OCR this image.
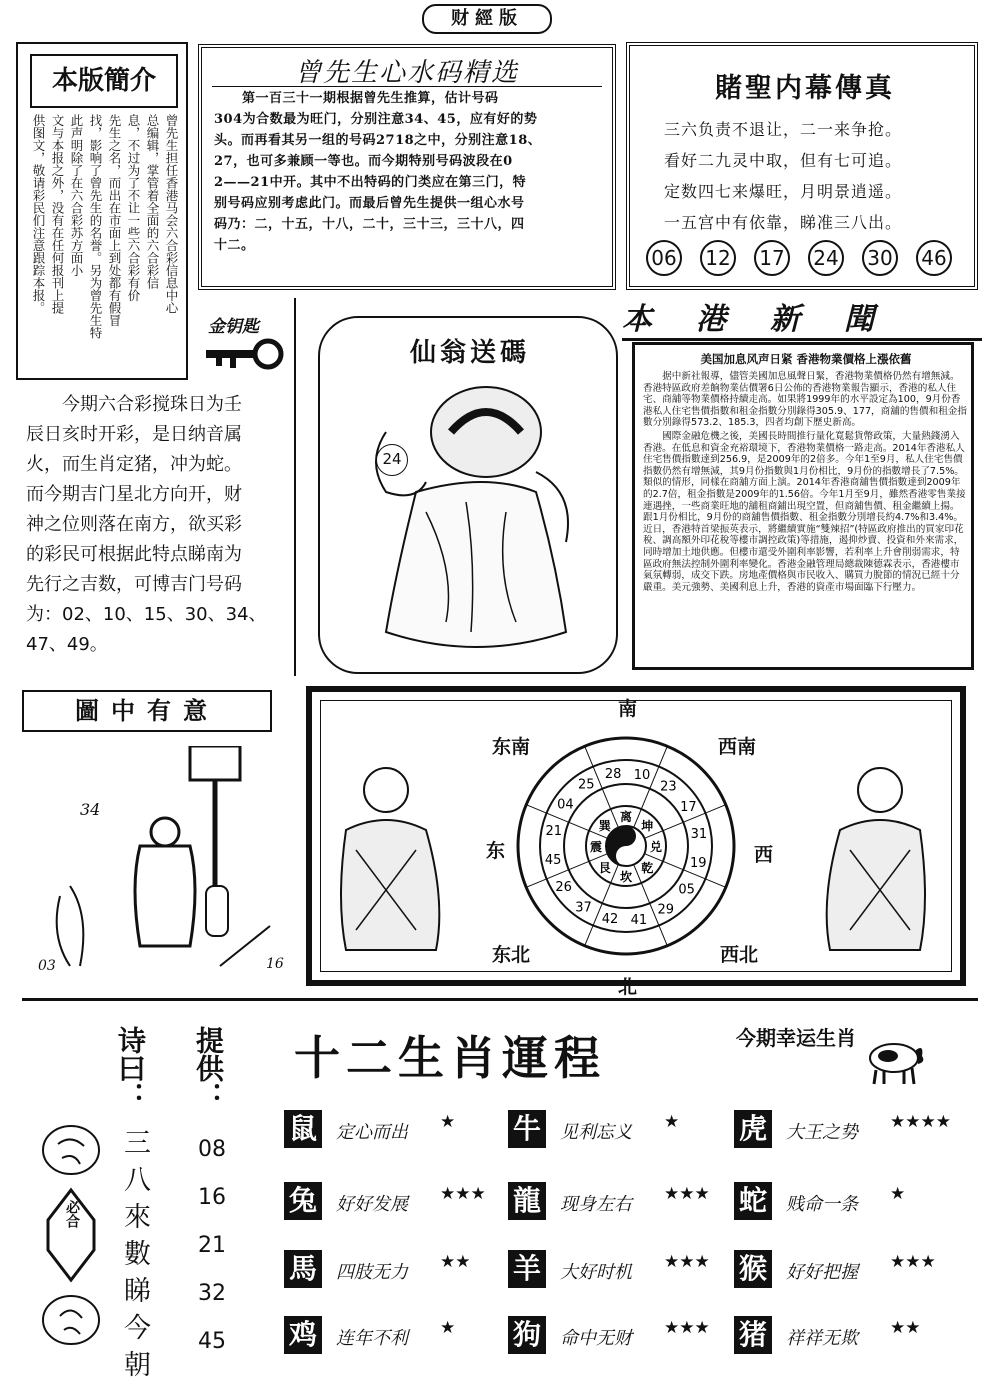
财經版
本版簡介
曾先生担任香港马会六合彩信息中心
总编辑，掌管着全面的六合彩信
息，不过为了不让一些六合彩有价
先生之名，而出在市面上到处都有假冒
找，影响了曾先生的名誉。另为曾先生特
此声明除了在六合彩苏方面小
文与本报之外，没有在任何报刊上提
供图文，敬请彩民们注意跟踪本报。
曾先生心水码精选
第一百三十一期根据曾先生推算，估计号码
304为合数最为旺门，分别注意34、45，应有好的势
头。而再看其另一组的号码2718之中，分别注意18、
27，也可多兼顾一等也。而今期特别号码波段在0
2——21中开。其中不出特码的门类应在第三门，特
别号码应别考虑此门。而最后曾先生提供一组心水号
码乃：二，十五，十八，二十，三十三，三十八，四
十二。
賭聖内幕傳真
三六负责不退让，二一来争抢。
看好二九灵中取，但有七可追。
定数四七来爆旺，月明景逍遥。
一五宫中有依靠，睇准三八出。
06 12 17 24 30 46
金钥匙
今期六合彩搅珠日为壬
辰日亥时开彩，是日纳音属
火，而生肖定猪，冲为蛇。
而今期吉门星北方向开，财
神之位则落在南方，欲买彩
的彩民可根据此特点睇南为
先行之吉数，可博吉门号码
为：02、10、15、30、34、
47、49。
仙翁送碼
24
本港新聞
美国加息风声日紧 香港物業價格上漲依舊

据中新社報導，儘管美國加息風聲日緊，香港物業價格仍然有增無減。香港特區政府差餉物業估價署6日公佈的香港物業報告顯示，香港的私人住宅、商舖等物業價格持續走高。如果將1999年的水平設定為100，9月份香港私人住宅售價指數和租金指數分別錄得305.9、177，商舖的售價和租金指數分別錄得573.2、185.3，四者均創下歷史新高。

國際金融危機之後，美國長時間推行量化寬鬆貨幣政策，大量熱錢湧入香港。在低息和資金充裕環境下，香港物業價格一路走高。2014年香港私人住宅售價指數達到256.9，是2009年的2倍多。今年1至9月，私人住宅售價指數仍然有增無減，其9月份指數與1月份相比，9月份的指數增長了7.5%。類似的情形，同樣在商舖方面上演。2014年香港商舖售價指數達到2009年的2.7倍，租金指數是2009年的1.56倍。今年1月至9月，雖然香港零售業接連遇挫，一些商業旺地的舖租商鋪出現空置，但商舖售價、租金繼續上揚。跟1月份相比，9月份的商舖售價指數、租金指數分別增長約4.7%和3.4%。近日，香港特首梁振英表示，將繼續實施“雙辣招”(特區政府推出的買家印花稅、調高額外印花稅等樓市調控政策)等措施，遏抑炒賣、投資和外來需求，同時增加土地供應。但樓市還受外圍利率影響，若利率上升會削弱需求，特區政府無法控制外圍利率變化。香港金融管理局總裁陳德霖表示，香港樓市氣氛轉弱，成交下跌。房地產價格與市民收入、購買力脫節的情況已經十分嚴重。美元強勢、美國利息上升，香港的資產市場面臨下行壓力。

圖中有意
34
03	16
离
坤
兑
乾
坎
艮
震
巽
28 10
23
17
31
19
05
29
41
42
37
26
45
21
04
25
南
北
东	西
东南	西南
东北	西北
诗曰： 提供：
三八來數睇今朝 08
16
21
32
45
必合
十二生肖運程	今期幸运生肖
鼠 定心而出 ★	牛 见利忘义 ★	虎 大王之势 ★★★★
兔 好好发展 ★★★ 龍 现身左右 ★★★ 蛇 贱命一条 ★
馬 四肢无力 ★★	羊 大好时机 ★★★ 猴 好好把握 ★★★
鸡 连年不利 ★	狗 命中无财 ★★★ 猪 祥祥无欺 ★★
